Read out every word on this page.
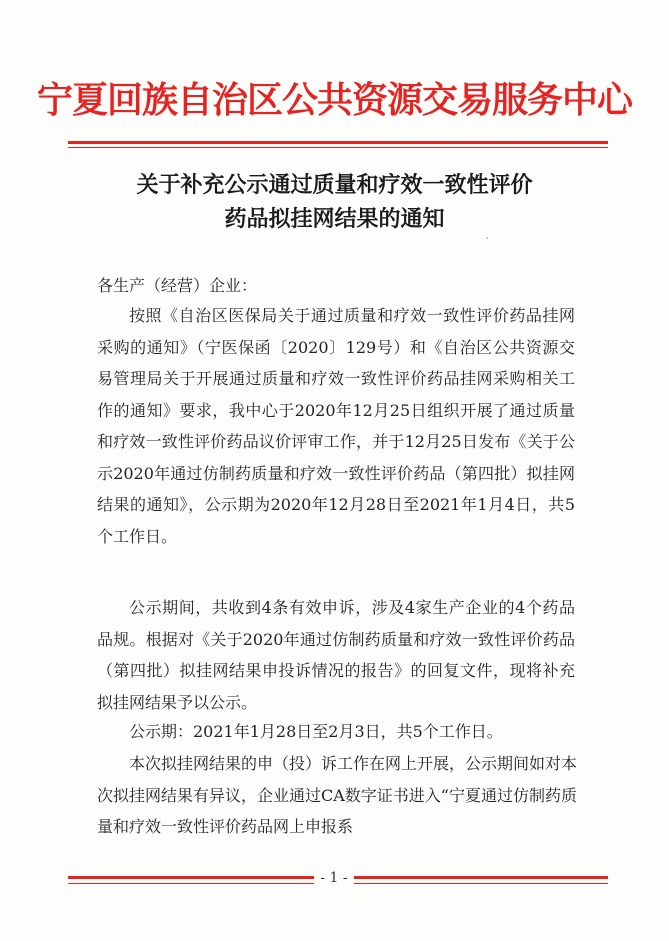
宁夏回族自治区公共资源交易服务中心
关于补充公示通过质量和疗效一致性评价
药品拟挂网结果的通知
各生产（经营）企业：
按照《自治区医保局关于通过质量和疗效一致性评价药品挂网采购的通知》（宁医保函〔2020〕129号）和《自治区公共资源交易管理局关于开展通过质量和疗效一致性评价药品挂网采购相关工作的通知》要求，我中心于2020年12月25日组织开展了通过质量和疗效一致性评价药品议价评审工作，并于12月25日发布《关于公示2020年通过仿制药质量和疗效一致性评价药品（第四批）拟挂网结果的通知》，公示期为2020年12月28日至2021年1月4日，共5个工作日。
公示期间，共收到4条有效申诉，涉及4家生产企业的4个药品品规。根据对《关于2020年通过仿制药质量和疗效一致性评价药品（第四批）拟挂网结果申投诉情况的报告》的回复文件，现将补充拟挂网结果予以公示。
公示期：2021年1月28日至2月3日，共5个工作日。
本次拟挂网结果的申（投）诉工作在网上开展，公示期间如对本次拟挂网结果有异议，企业通过CA数字证书进入“宁夏通过仿制药质量和疗效一致性评价药品网上申报系
- 1 -
